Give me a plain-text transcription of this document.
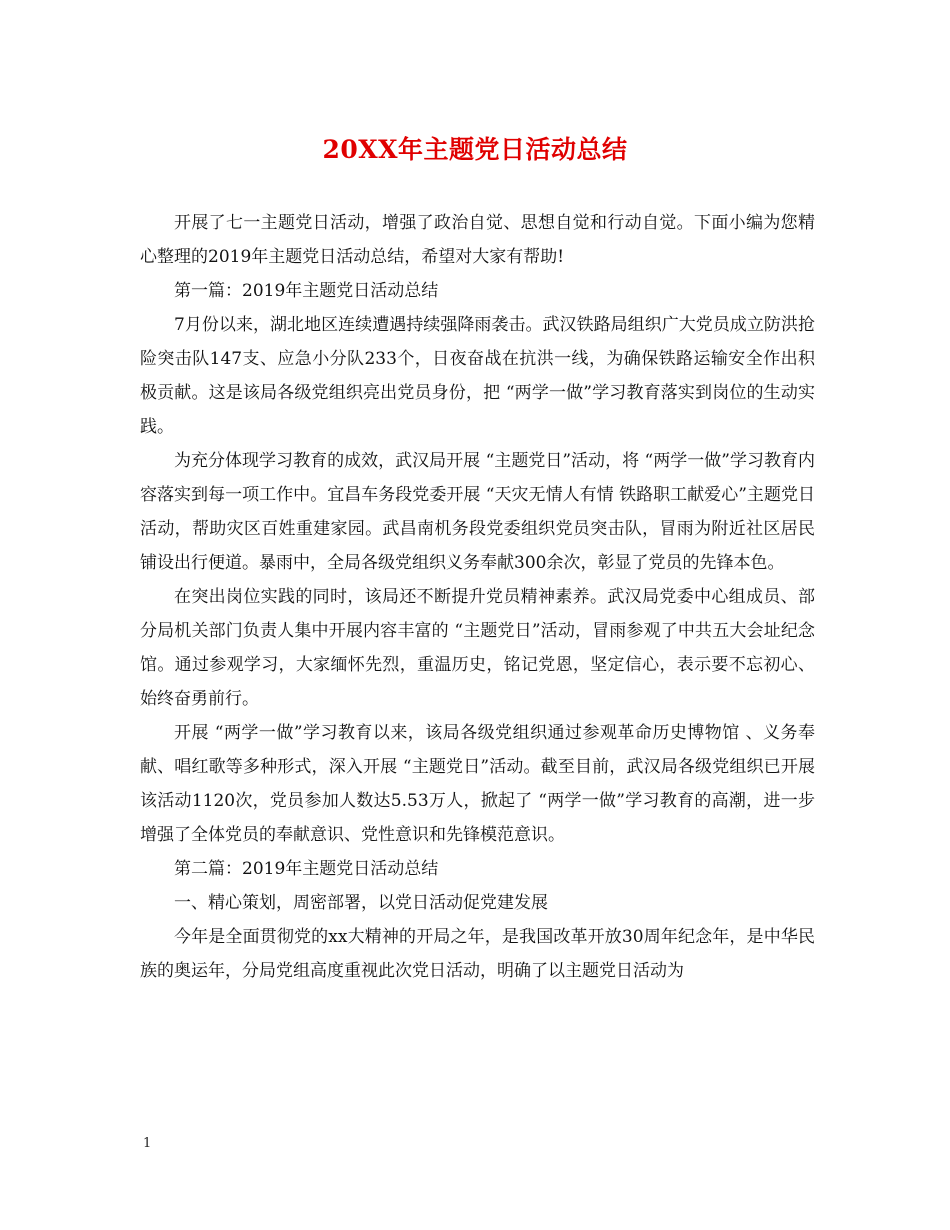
20XX年主题党日活动总结

开展了七一主题党日活动，增强了政治自觉、思想自觉和行动自觉。下面小编为您精心整理的2019年主题党日活动总结，希望对大家有帮助!

第一篇：2019年主题党日活动总结

7月份以来，湖北地区连续遭遇持续强降雨袭击。武汉铁路局组织广大党员成立防洪抢险突击队147支、应急小分队233个，日夜奋战在抗洪一线，为确保铁路运输安全作出积极贡献。这是该局各级党组织亮出党员身份，把 “两学一做”学习教育落实到岗位的生动实践。

为充分体现学习教育的成效，武汉局开展 “主题党日”活动，将 “两学一做”学习教育内容落实到每一项工作中。宜昌车务段党委开展 “天灾无情人有情 铁路职工献爱心”主题党日活动，帮助灾区百姓重建家园。武昌南机务段党委组织党员突击队，冒雨为附近社区居民铺设出行便道。暴雨中，全局各级党组织义务奉献300余次，彰显了党员的先锋本色。

在突出岗位实践的同时，该局还不断提升党员精神素养。武汉局党委中心组成员、部分局机关部门负责人集中开展内容丰富的 “主题党日”活动，冒雨参观了中共五大会址纪念馆。通过参观学习，大家缅怀先烈，重温历史，铭记党恩，坚定信心，表示要不忘初心、始终奋勇前行。

开展 “两学一做”学习教育以来，该局各级党组织通过参观革命历史博物馆 、义务奉献、唱红歌等多种形式，深入开展 “主题党日”活动。截至目前，武汉局各级党组织已开展该活动1120次，党员参加人数达5.53万人，掀起了 “两学一做”学习教育的高潮，进一步增强了全体党员的奉献意识、党性意识和先锋模范意识。

第二篇：2019年主题党日活动总结

一、精心策划，周密部署，以党日活动促党建发展

今年是全面贯彻党的xx大精神的开局之年，是我国改革开放30周年纪念年，是中华民族的奥运年，分局党组高度重视此次党日活动，明确了以主题党日活动为

1
